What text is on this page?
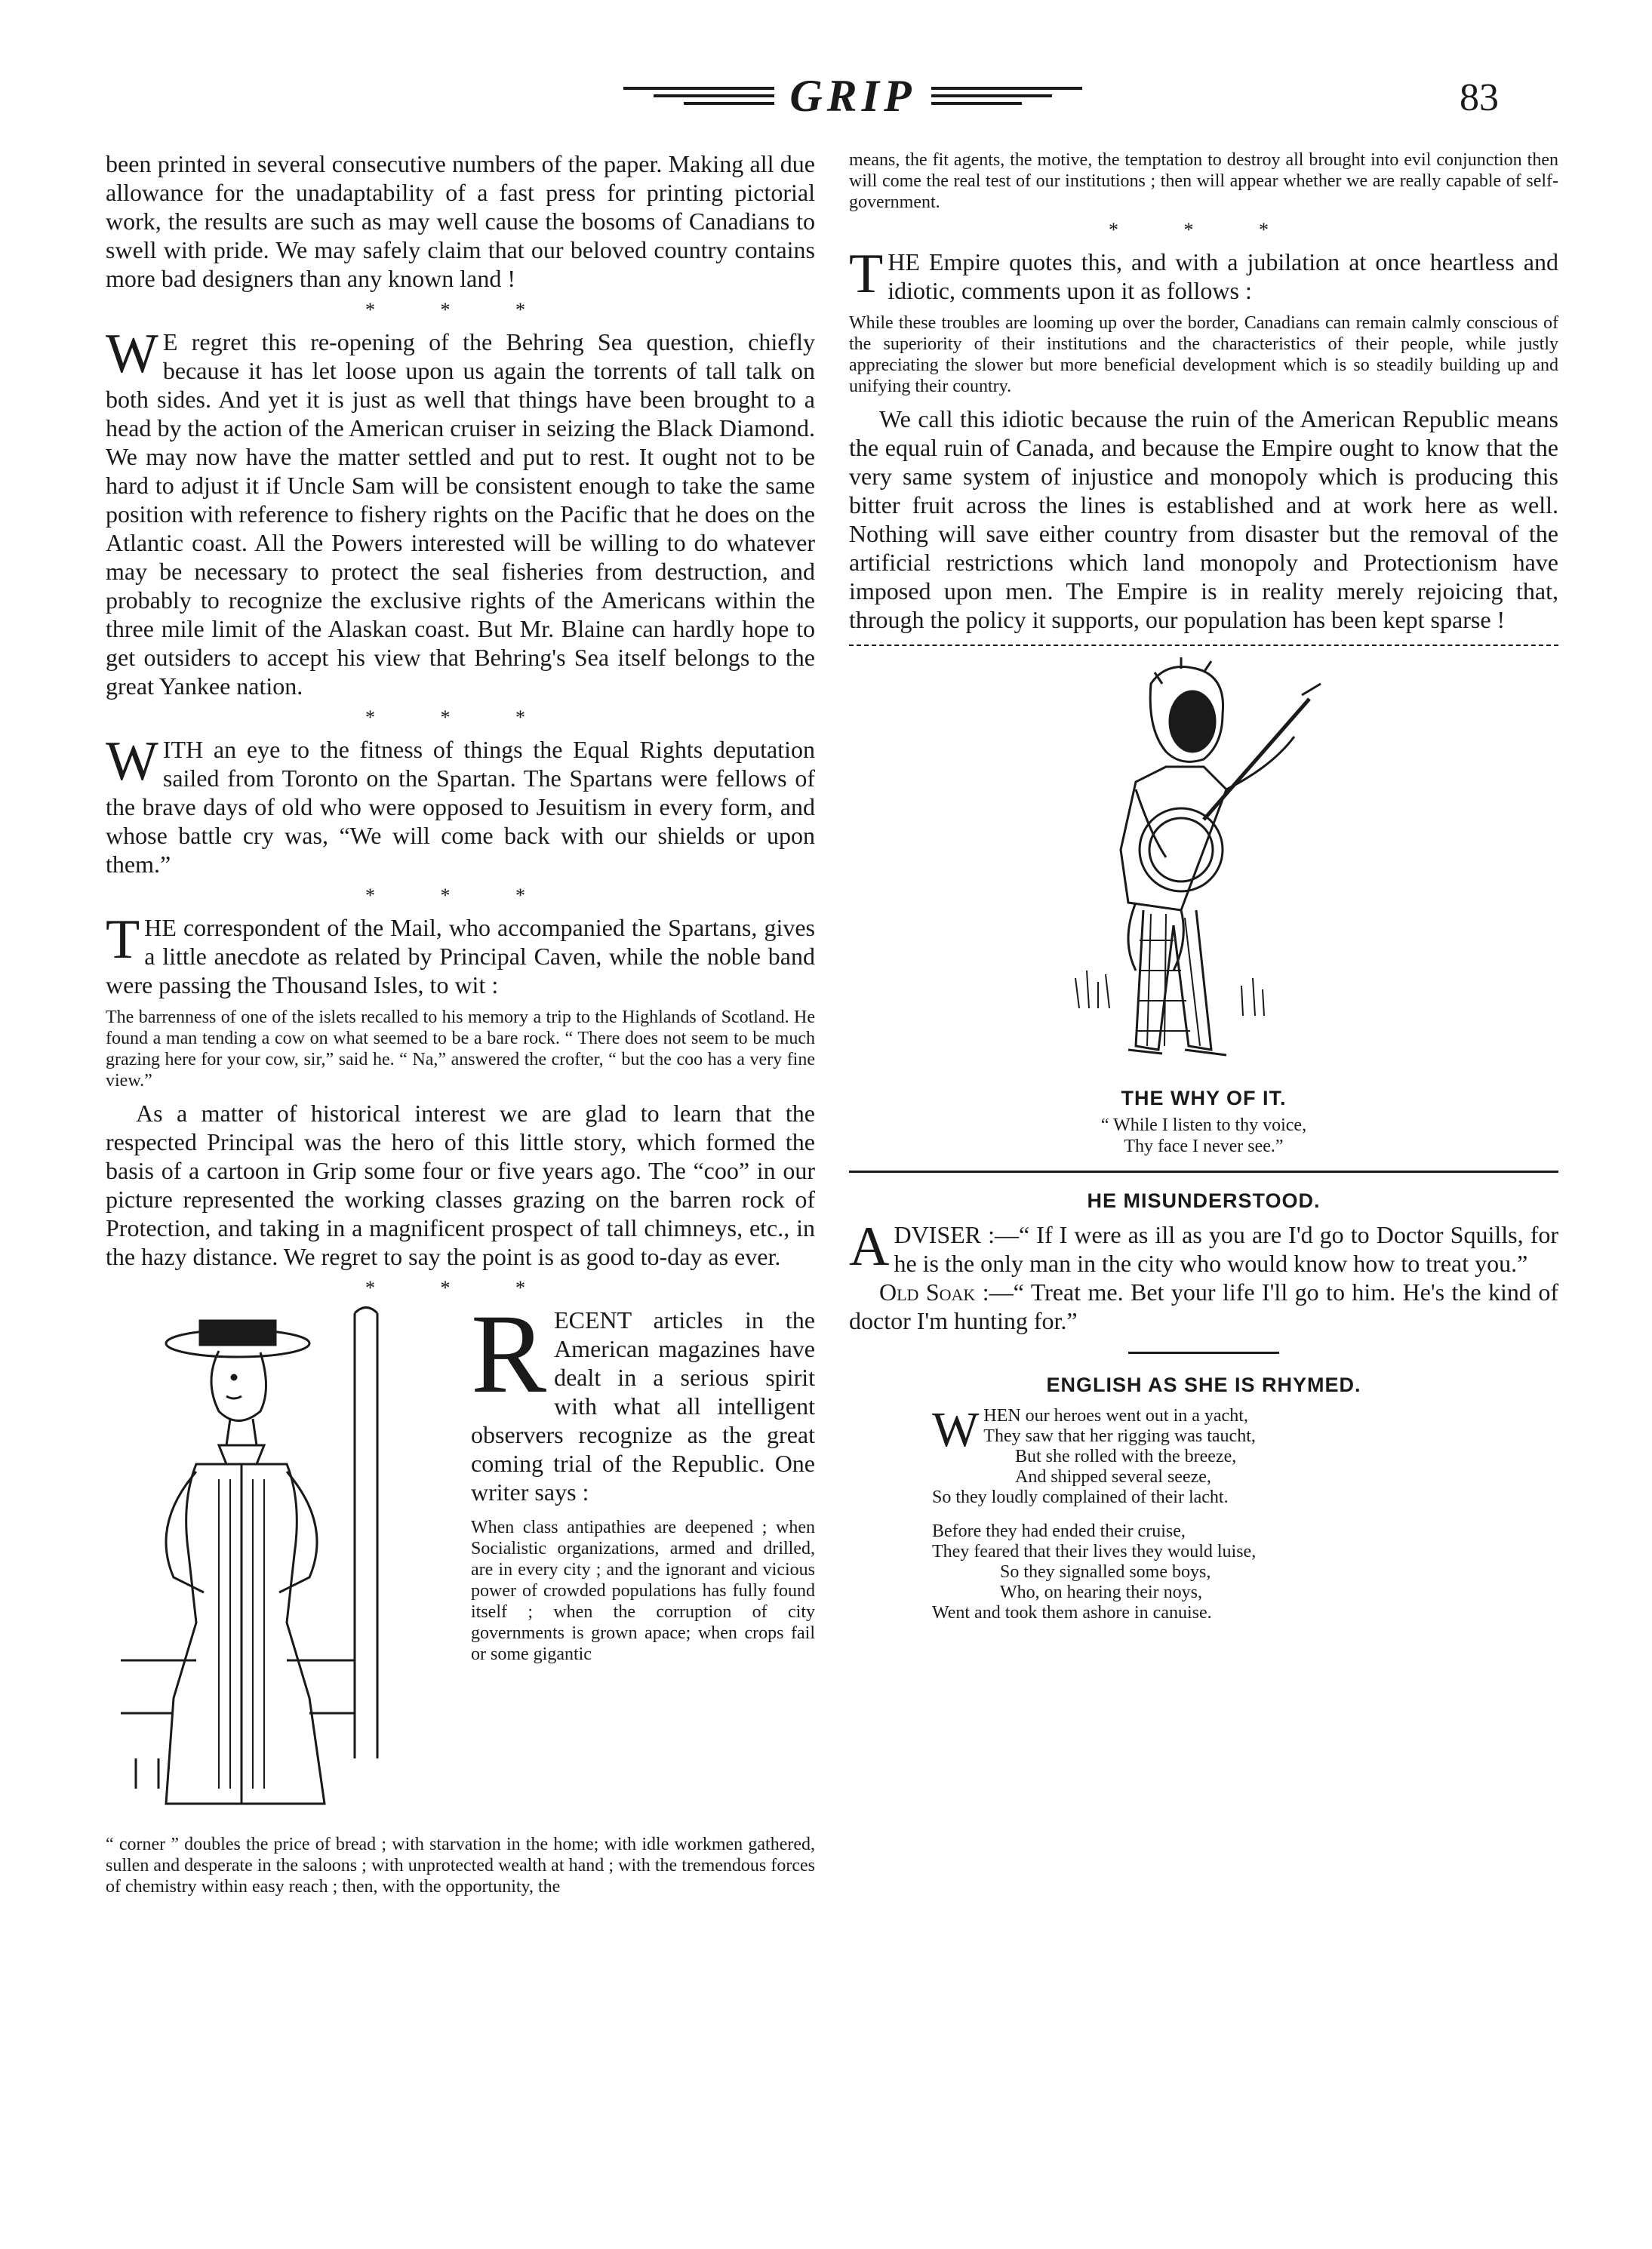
GRIP	83

been printed in several consecutive numbers of the paper. Making all due allowance for the unadaptability of a fast press for printing pictorial work, the results are such as may well cause the bosoms of Canadians to swell with pride. We may safely claim that our beloved country contains more bad designers than any known land !

* * *

W E regret this re-opening of the Behring Sea question, chiefly because it has let loose upon us again the torrents of tall talk on both sides. And yet it is just as well that things have been brought to a head by the action of the American cruiser in seizing the Black Diamond. We may now have the matter settled and put to rest. It ought not to be hard to adjust it if Uncle Sam will be consistent enough to take the same position with reference to fishery rights on the Pacific that he does on the Atlantic coast. All the Powers interested will be willing to do whatever may be necessary to protect the seal fisheries from destruction, and probably to recognize the exclusive rights of the Americans within the three mile limit of the Alaskan coast. But Mr. Blaine can hardly hope to get outsiders to accept his view that Behring's Sea itself belongs to the great Yankee nation.

* * *

WITH an eye to the fitness of things the Equal Rights deputation sailed from Toronto on the Spartan. The Spartans were fellows of the brave days of old who were opposed to Jesuitism in every form, and whose battle cry was, “We will come back with our shields or upon them.”

* * *

THE correspondent of the Mail, who accompanied the Spartans, gives a little anecdote as related by Principal Caven, while the noble band were passing the Thousand Isles, to wit :

The barrenness of one of the islets recalled to his memory a trip to the Highlands of Scotland. He found a man tending a cow on what seemed to be a bare rock. “ There does not seem to be much grazing here for your cow, sir,” said he. “ Na,” answered the crofter, “ but the coo has a very fine view.”

As a matter of historical interest we are glad to learn that the respected Principal was the hero of this little story, which formed the basis of a cartoon in Grip some four or five years ago. The “coo” in our picture represented the working classes grazing on the barren rock of Protection, and taking in a magnificent prospect of tall chimneys, etc., in the hazy distance. We regret to say the point is as good to-day as ever.

* * *

RECENT articles in the American magazines have dealt in a serious spirit with what all intelligent observers recognize as the great coming trial of the Republic. One writer says :

When class antipathies are deepened ; when Socialistic organizations, armed and drilled, are in every city ; and the ignorant and vicious power of crowded populations has fully found itself ; when the corruption of city governments is grown apace; when crops fail or some gigantic

“ corner ” doubles the price of bread ; with starvation in the home; with idle workmen gathered, sullen and desperate in the saloons ; with unprotected wealth at hand ; with the tremendous forces of chemistry within easy reach ; then, with the opportunity, the

means, the fit agents, the motive, the temptation to destroy all brought into evil conjunction then will come the real test of our institutions ; then will appear whether we are really capable of self-government.

* * *

THE Empire quotes this, and with a jubilation at once heartless and idiotic, comments upon it as follows :

While these troubles are looming up over the border, Canadians can remain calmly conscious of the superiority of their institutions and the characteristics of their people, while justly appreciating the slower but more beneficial development which is so steadily building up and unifying their country.

We call this idiotic because the ruin of the American Republic means the equal ruin of Canada, and because the Empire ought to know that the very same system of injustice and monopoly which is producing this bitter fruit across the lines is established and at work here as well. Nothing will save either country from disaster but the removal of the artificial restrictions which land monopoly and Protectionism have imposed upon men. The Empire is in reality merely rejoicing that, through the policy it supports, our population has been kept sparse !

THE WHY OF IT.
“ While I listen to thy voice,
Thy face I never see.”
HE MISUNDERSTOOD.

ADVISER :—“ If I were as ill as you are I'd go to Doctor Squills, for he is the only man in the city who would know how to treat you.”

Old Soak :—“ Treat me. Bet your life I'll go to him. He's the kind of doctor I'm hunting for.”

ENGLISH AS SHE IS RHYMED.
W HEN our heroes went out in a yacht,
They saw that her rigging was taucht,
But she rolled with the breeze,
And shipped several seeze,
So they loudly complained of their lacht.
Before they had ended their cruise,
They feared that their lives they would luise,
So they signalled some boys,
Who, on hearing their noys,
Went and took them ashore in canuise.
